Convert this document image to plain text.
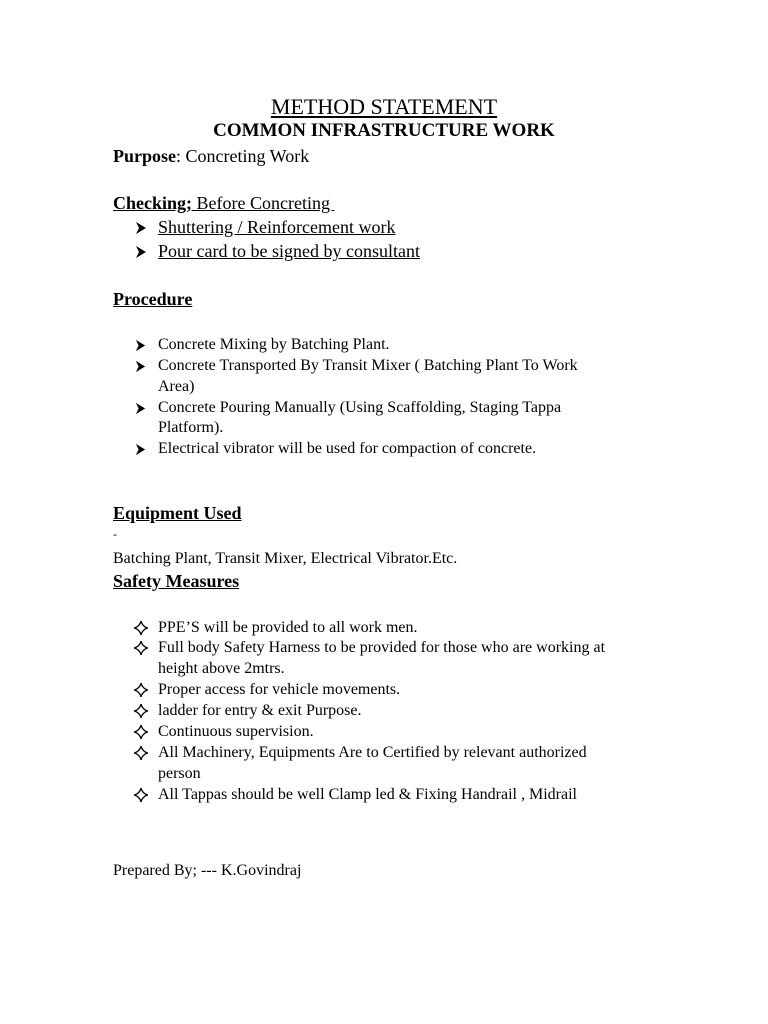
METHOD STATEMENT
COMMON INFRASTRUCTURE WORK
Purpose: Concreting Work
Checking; Before Concreting
Shuttering / Reinforcement work
Pour card to be signed by consultant
Procedure
Concrete Mixing by Batching Plant.
Concrete Transported By Transit Mixer ( Batching Plant To Work
Area)
Concrete Pouring Manually (Using Scaffolding, Staging Tappa
Platform).
Electrical vibrator will be used for compaction of concrete.
Equipment Used
-
Batching Plant, Transit Mixer, Electrical Vibrator.Etc.
Safety Measures
PPE’S will be provided to all work men.
Full body Safety Harness to be provided for those who are working at
height above 2mtrs.
Proper access for vehicle movements.
ladder for entry & exit Purpose.
Continuous supervision.
All Machinery, Equipments Are to Certified by relevant authorized
person
All Tappas should be well Clamp led & Fixing Handrail , Midrail
Prepared By; --- K.Govindraj
